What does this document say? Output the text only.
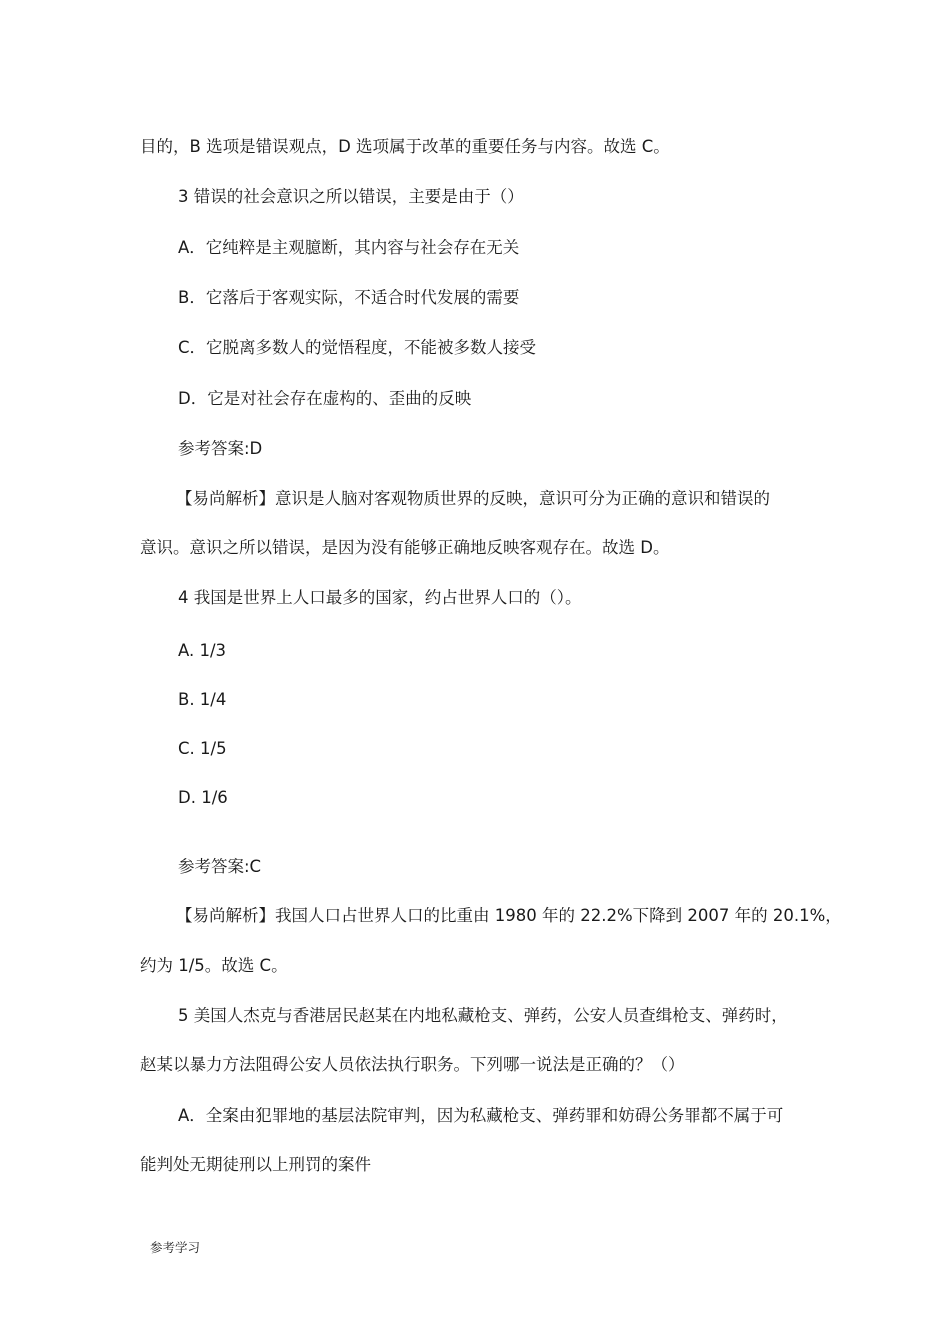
目的，B 选项是错误观点，D 选项属于改革的重要任务与内容。故选 C。

3 错误的社会意识之所以错误，主要是由于（）

A．它纯粹是主观臆断，其内容与社会存在无关

B．它落后于客观实际，不适合时代发展的需要

C．它脱离多数人的觉悟程度，不能被多数人接受

D．它是对社会存在虚构的、歪曲的反映

参考答案:D

【易尚解析】意识是人脑对客观物质世界的反映，意识可分为正确的意识和错误的

意识。意识之所以错误，是因为没有能够正确地反映客观存在。故选 D。

4 我国是世界上人口最多的国家，约占世界人口的（）。

A. 1/3

B. 1/4

C. 1/5

D. 1/6

参考答案:C

【易尚解析】我国人口占世界人口的比重由 1980 年的 22.2%下降到 2007 年的 20.1%，

约为 1/5。故选 C。

5 美国人杰克与香港居民赵某在内地私藏枪支、弹药，公安人员查缉枪支、弹药时，

赵某以暴力方法阻碍公安人员依法执行职务。下列哪一说法是正确的？（）

A．全案由犯罪地的基层法院审判，因为私藏枪支、弹药罪和妨碍公务罪都不属于可

能判处无期徒刑以上刑罚的案件

参考学习
